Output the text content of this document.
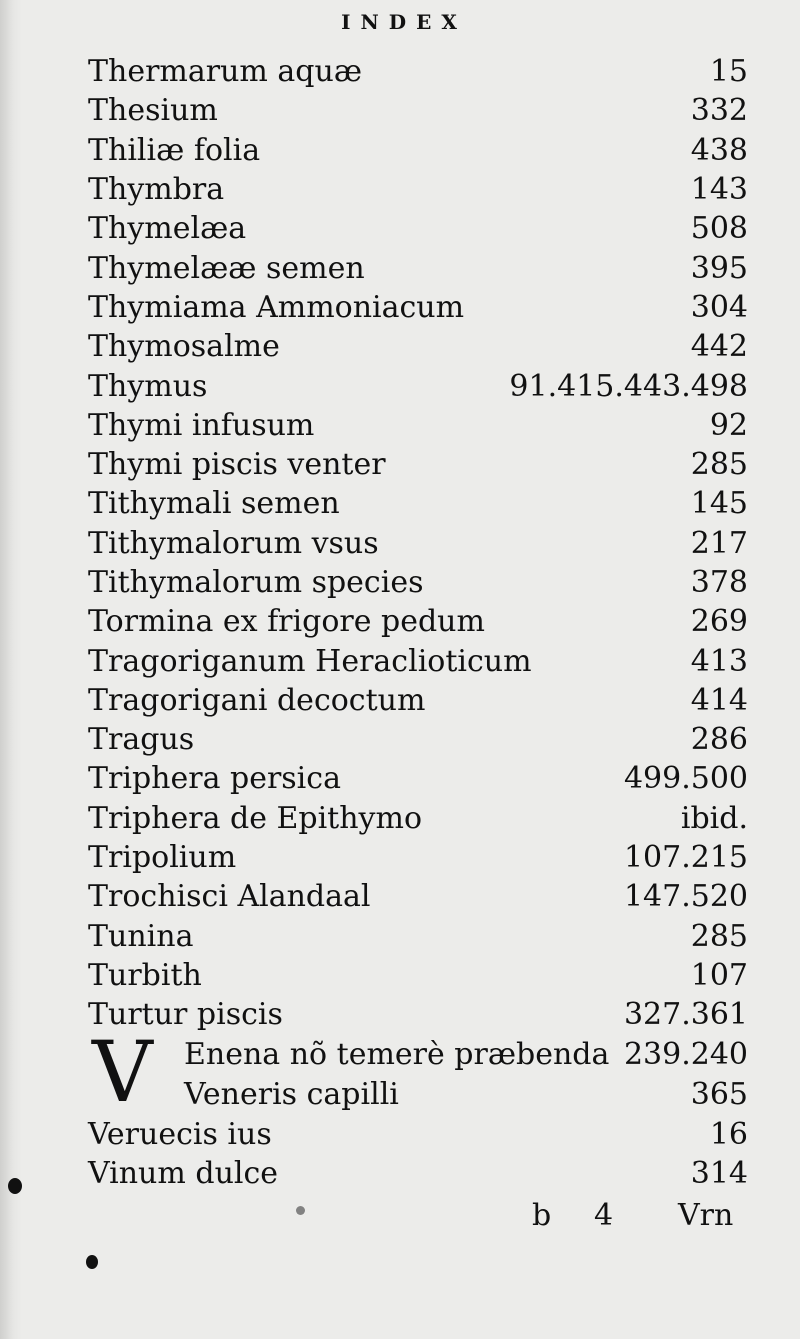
INDEX
Thermarum aquæ	15
Thesium	332
Thiliæ folia	438
Thymbra	143
Thymelæa	508
Thymelææ semen	395
Thymiama Ammoniacum	304
Thymosalme	442
Thymus	91.415.443.498
Thymi infusum	92
Thymi piscis venter	285
Tithymali semen	145
Tithymalorum vsus	217
Tithymalorum species	378
Tormina ex frigore pedum	269
Tragoriganum Heraclioticum	413
Tragorigani decoctum	414
Tragus	286
Triphera persica	499.500
Triphera de Epithymo	ibid.
Tripolium	107.215
Trochisci Alandaal	147.520
Tunina	285
Turbith	107
Turtur piscis	327.361
V	Enena nõ temerè præbenda 239.240
Veneris capilli	365
Veruecis ius	16
Vinum dulce	314
b 4 Vrn
